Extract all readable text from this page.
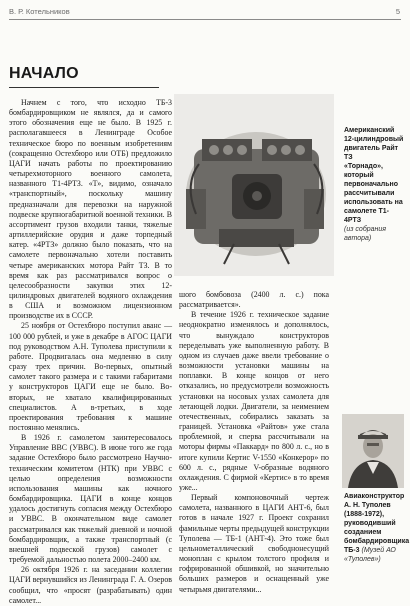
В. Р. Котельников	5
НАЧАЛО

Начнем с того, что исходно ТБ-3 бомбардировщиком не являлся, да и самого этого обозначения еще не было. В 1925 г. располагавшееся в Ленинграде Особое техническое бюро по военным изобретениям (сокращенно Остехбюро или ОТБ) предложило ЦАГИ начать работы по проектированию четырехмоторного военного самолета, названного Т1-4РТЗ. «Т», видимо, означало «транспортный», поскольку машину предназначали для перевозки на наружной подвеске крупногабаритной военной техники. В ассортимент грузов входили танки, тяжелые артиллерийские орудия и даже торпедный катер. «4РТЗ» должно было показать, что на самолете первоначально хотели поставить четыре американских мотора Райт ТЗ. В то время как раз рассматривался вопрос о целесообразности закупки этих 12-цилиндровых двигателей водяного охлаждения в США и возможном лицензионном производстве их в СССР.

25 ноября от Остехбюро поступил аванс — 100 000 рублей, и уже в декабре в АГОС ЦАГИ под руководством А.Н. Туполева приступили к работе. Продвигалась она медленно в силу сразу трех причин. Во-первых, опытный самолет такого размера и с такими габаритами у конструкторов ЦАГИ еще не было. Во-вторых, не хватало квалифицированных специалистов. А в-третьих, в ходе проектирования требования к машине постоянно менялись.

В 1926 г. самолетом заинтересовалось Управление ВВС (УВВС). В июне того же года задание Остехбюро было рассмотрено Научно-техническим комитетом (НТК) при УВВС с целью определения возможности использования машины как ночного бомбардировщика. ЦАГИ в конце концов удалось достигнуть согласия между Остехбюро и УВВС. В окончательном виде самолет рассматривался как тяжелый дневной и ночной бомбардировщик, а также транспортный (с внешней подвеской грузов) самолет с требуемой дальностью полета 2000–2400 км.

26 октября 1926 г. на заседании коллегии ЦАГИ вернувшийся из Ленинграда Г. А. Озеров сообщил, что «просят (разрабатывать) один самолет...

Американский
12-цилиндровый
двигатель Райт ТЗ
«Торнадо», который
первоначально
рассчитывали
использовать на
самолете Т1-4РТЗ
(из собрания автора)

шого бомбовоза (2400 л. с.) пока рассматривается».

В течение 1926 г. техническое задание неоднократно изменялось и дополнялось, что вынуждало конструкторов переделывать уже выполненную работу. В одном из случаев даже ввели требование о возможности установки машины на поплавки. В конце концов от него отказались, но предусмотрели возможность установки на носовых узлах самолета для летающей лодки. Двигатели, за неимением отечественных, собирались заказать за границей. Установка «Райтов» уже стала проблемной, и сперва рассчитывали на моторы фирмы «Паккард» по 800 л. с., но в итоге купили Кертис V-1550 «Конкерор» по 600 л. с., рядные V-образные водяного охлаждения. С фирмой «Кертис» в то время уже...

Первый компоновочный чертеж самолета, названного в ЦАГИ АНТ-6, был готов в начале 1927 г. Проект сохранил фамильные черты предыдущей конструкции Туполева — ТБ-1 (АНТ-4). Это тоже был цельнометаллический свободнонесущий моноплан с крылом толстого профиля и гофрированной обшивкой, но значительно больших размеров и оснащенный уже четырьмя двигателями...

Авиаконструктор
А. Н. Туполев
(1888-1972),
руководивший
созданием
бомбардировщика
ТБ-3 (Музей АО «Туполев»)
